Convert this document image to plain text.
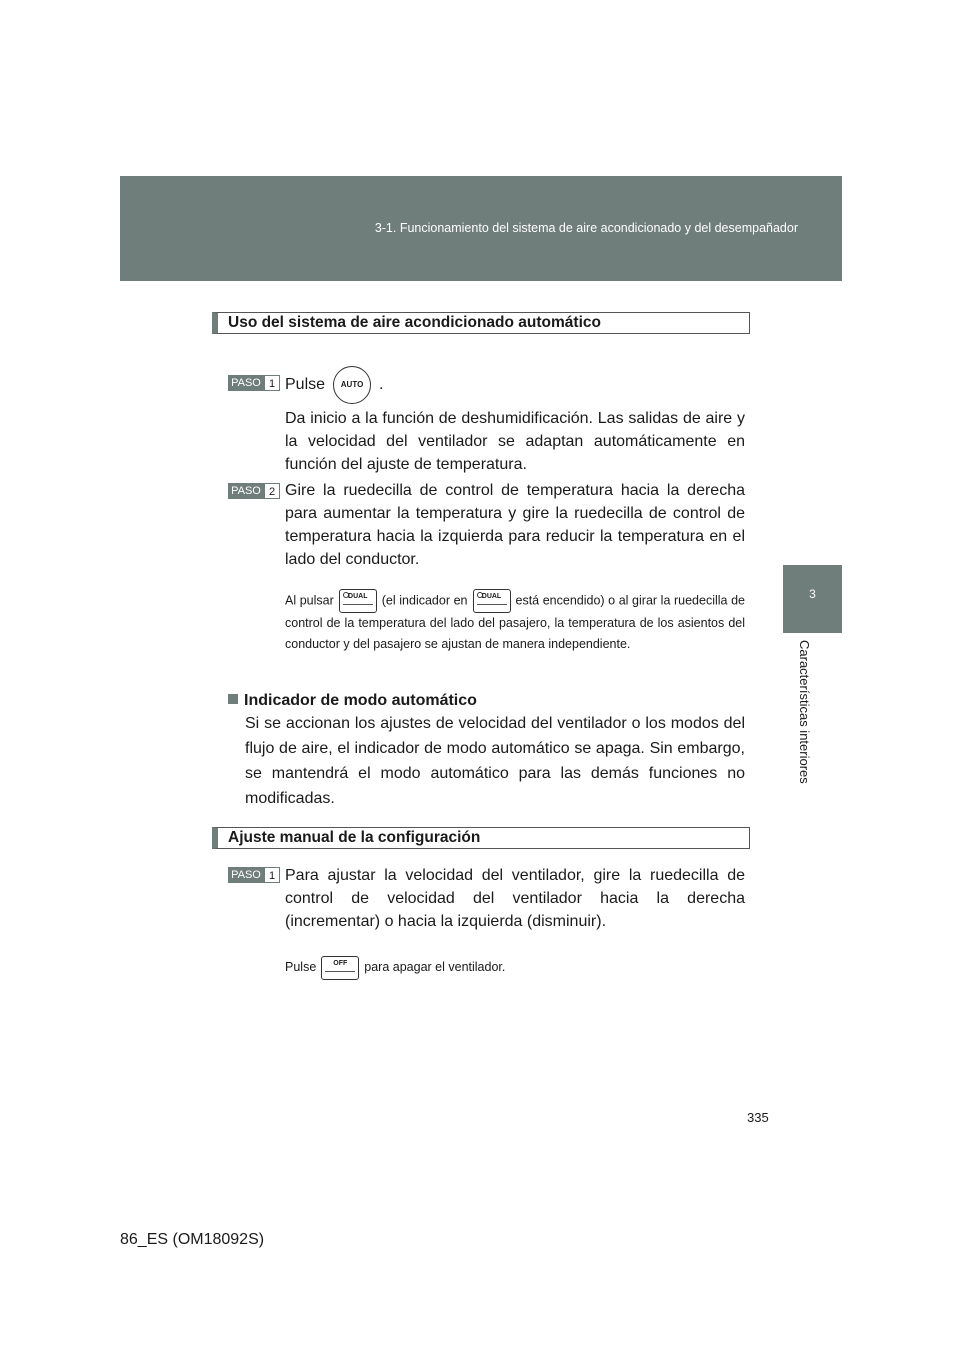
3-1. Funcionamiento del sistema de aire acondicionado y del desempañador
3
Características interiores
Uso del sistema de aire acondicionado automático
PASO 1 Pulse AUTO .

Da inicio a la función de deshumidificación. Las salidas de aire y la velocidad del ventilador se adaptan automáticamente en función del ajuste de temperatura.

PASO 2 Gire la ruedecilla de control de temperatura hacia la derecha para aumentar la temperatura y gire la ruedecilla de control de temperatura hacia la izquierda para reducir la temperatura en el lado del conductor.

Al pulsar DUAL (el indicador en DUAL está encendido) o al girar la ruedecilla de control de la temperatura del lado del pasajero, la temperatura de los asientos del conductor y del pasajero se ajustan de manera independiente.

Indicador de modo automático

Si se accionan los ajustes de velocidad del ventilador o los modos del flujo de aire, el indicador de modo automático se apaga. Sin embargo, se mantendrá el modo automático para las demás funciones no modificadas.

Ajuste manual de la configuración
PASO 1 Para ajustar la velocidad del ventilador, gire la ruedecilla de control de velocidad del ventilador hacia la derecha (incrementar) o hacia la izquierda (disminuir).

Pulse OFF para apagar el ventilador.

335
86_ES (OM18092S)
